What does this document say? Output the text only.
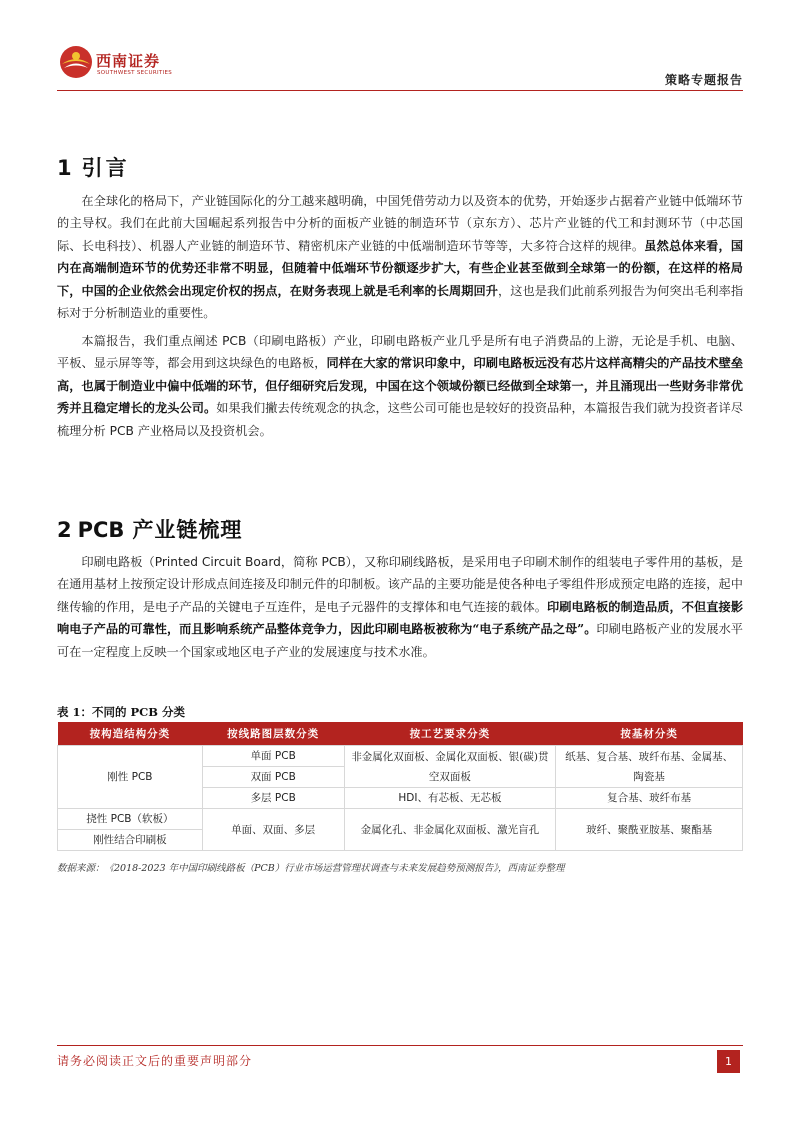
西南证券
SOUTHWEST SECURITIES	策略专题报告
1 引言

在全球化的格局下，产业链国际化的分工越来越明确，中国凭借劳动力以及资本的优势，开始逐步占据着产业链中低端环节的主导权。我们在此前大国崛起系列报告中分析的面板产业链的制造环节（京东方）、芯片产业链的代工和封测环节（中芯国际、长电科技）、机器人产业链的制造环节、精密机床产业链的中低端制造环节等等，大多符合这样的规律。虽然总体来看，国内在高端制造环节的优势还非常不明显，但随着中低端环节份额逐步扩大，有些企业甚至做到全球第一的份额，在这样的格局下，中国的企业依然会出现定价权的拐点，在财务表现上就是毛利率的长周期回升，这也是我们此前系列报告为何突出毛利率指标对于分析制造业的重要性。

本篇报告，我们重点阐述 PCB（印刷电路板）产业，印刷电路板产业几乎是所有电子消费品的上游，无论是手机、电脑、平板、显示屏等等，都会用到这块绿色的电路板，同样在大家的常识印象中，印刷电路板远没有芯片这样高精尖的产品技术壁垒高，也属于制造业中偏中低端的环节，但仔细研究后发现，中国在这个领域份额已经做到全球第一，并且涌现出一些财务非常优秀并且稳定增长的龙头公司。如果我们撇去传统观念的执念，这些公司可能也是较好的投资品种，本篇报告我们就为投资者详尽梳理分析 PCB 产业格局以及投资机会。

2 PCB 产业链梳理

印刷电路板（Printed Circuit Board，简称 PCB），又称印刷线路板，是采用电子印刷术制作的组装电子零件用的基板，是在通用基材上按预定设计形成点间连接及印制元件的印制板。该产品的主要功能是使各种电子零组件形成预定电路的连接，起中继传输的作用，是电子产品的关键电子互连件，是电子元器件的支撑体和电气连接的载体。印刷电路板的制造品质，不但直接影响电子产品的可靠性，而且影响系统产品整体竞争力，因此印刷电路板被称为“电子系统产品之母”。印刷电路板产业的发展水平可在一定程度上反映一个国家或地区电子产业的发展速度与技术水准。

表 1：不同的 PCB 分类
按构造结构分类	按线路图层数分类	按工艺要求分类	按基材分类
刚性 PCB	单面 PCB	非金属化双面板、金属化双面板、银(碳)贯空双面板	纸基、复合基、玻纤布基、金属基、陶瓷基
	双面 PCB		
	多层 PCB	HDI、有芯板、无芯板	复合基、玻纤布基
挠性 PCB（软板）	单面、双面、多层	金属化孔、非金属化双面板、激光盲孔	玻纤、聚酰亚胺基、聚酯基
刚性结合印刷板			
数据来源：《2018-2023 年中国印刷线路板（PCB）行业市场运营管理状调查与未来发展趋势预测报告》，西南证券整理
请务必阅读正文后的重要声明部分	1
